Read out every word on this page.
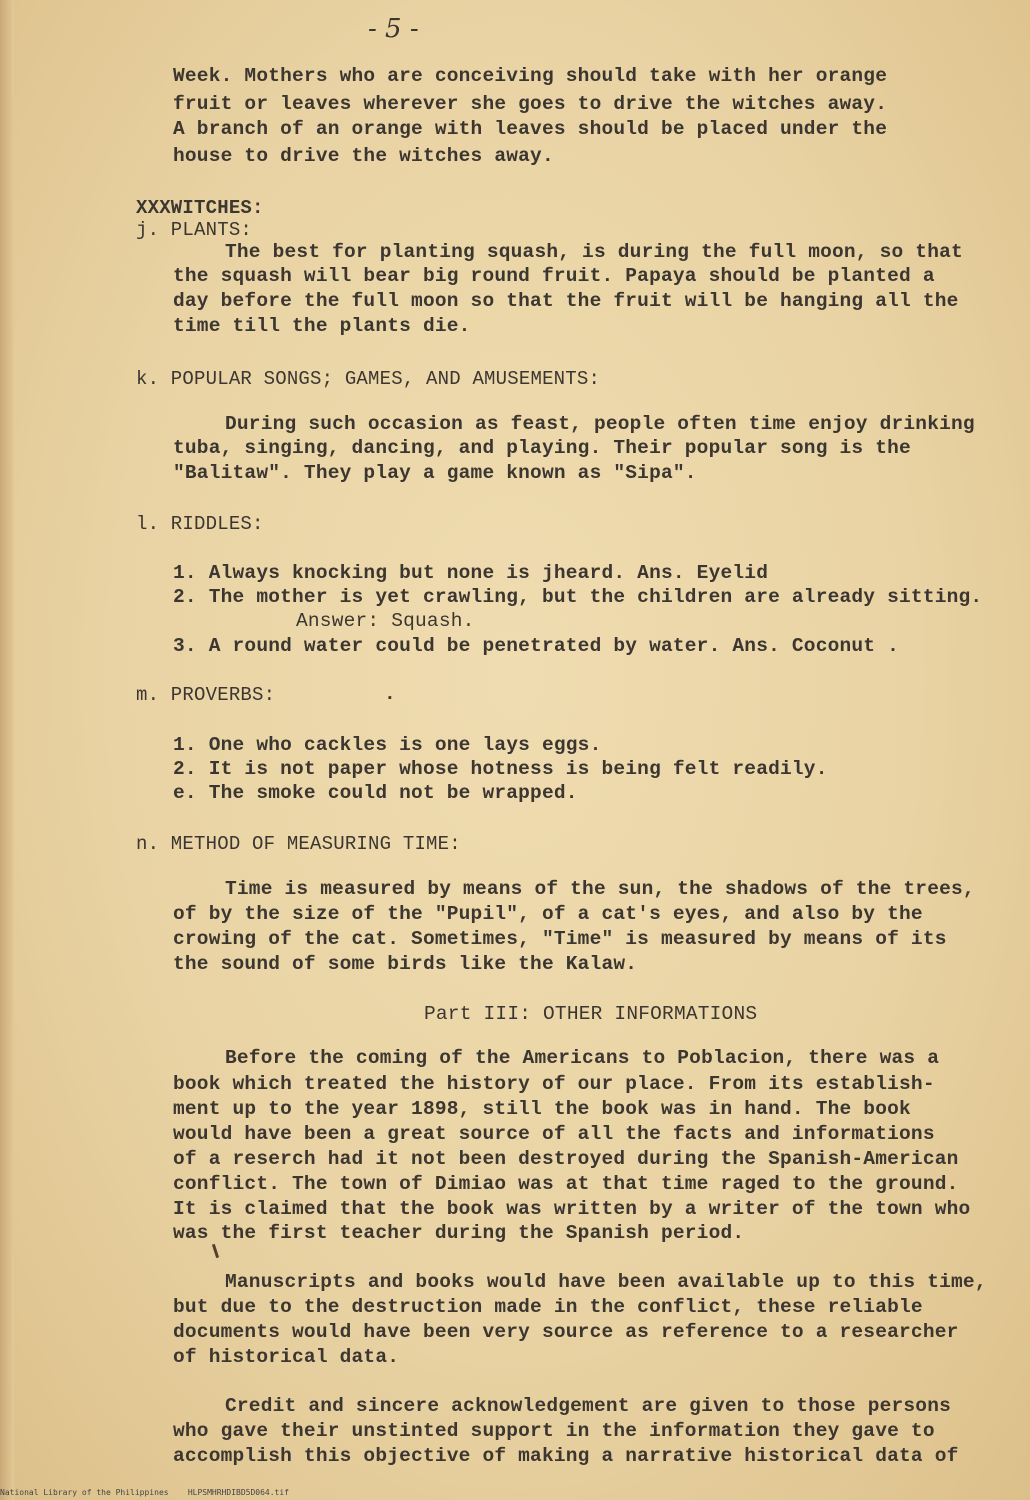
- 5 -
Week. Mothers who are conceiving should take with her orange
fruit or leaves wherever she goes to drive the witches away.
A branch of an orange with leaves should be placed under the
house to drive the witches away.
XXXWITCHES:
j. PLANTS:
The best for planting squash, is during the full moon, so that
the squash will bear big round fruit. Papaya should be planted a
day before the full moon so that the fruit will be hanging all the
time till the plants die.
k. POPULAR SONGS; GAMES, AND AMUSEMENTS:
During such occasion as feast, people often time enjoy drinking
tuba, singing, dancing, and playing. Their popular song is the
"Balitaw". They play a game known as "Sipa".
l. RIDDLES:
1. Always knocking but none is jheard. Ans. Eyelid
2. The mother is yet crawling, but the children are already sitting.
Answer: Squash.
3. A round water could be penetrated by water. Ans. Coconut .
m. PROVERBS:	.
1. One who cackles is one lays eggs.
2. It is not paper whose hotness is being felt readily.
e. The smoke could not be wrapped.
n. METHOD OF MEASURING TIME:
Time is measured by means of the sun, the shadows of the trees,
of by the size of the "Pupil", of a cat's eyes, and also by the
crowing of the cat. Sometimes, "Time" is measured by means of its
the sound of some birds like the Kalaw.
Part III: OTHER INFORMATIONS
Before the coming of the Americans to Poblacion, there was a
book which treated the history of our place. From its establish-
ment up to the year 1898, still the book was in hand. The book
would have been a great source of all the facts and informations
of a reserch had it not been destroyed during the Spanish-American
conflict. The town of Dimiao was at that time raged to the ground.
It is claimed that the book was written by a writer of the town who
was the first teacher during the Spanish period.
Manuscripts and books would have been available up to this time,
but due to the destruction made in the conflict, these reliable
documents would have been very source as reference to a researcher
of historical data.
Credit and sincere acknowledgement are given to those persons
who gave their unstinted support in the information they gave to
accomplish this objective of making a narrative historical data of
National Library of the Philippines    HLPSMHRHDIBD5D064.tif
